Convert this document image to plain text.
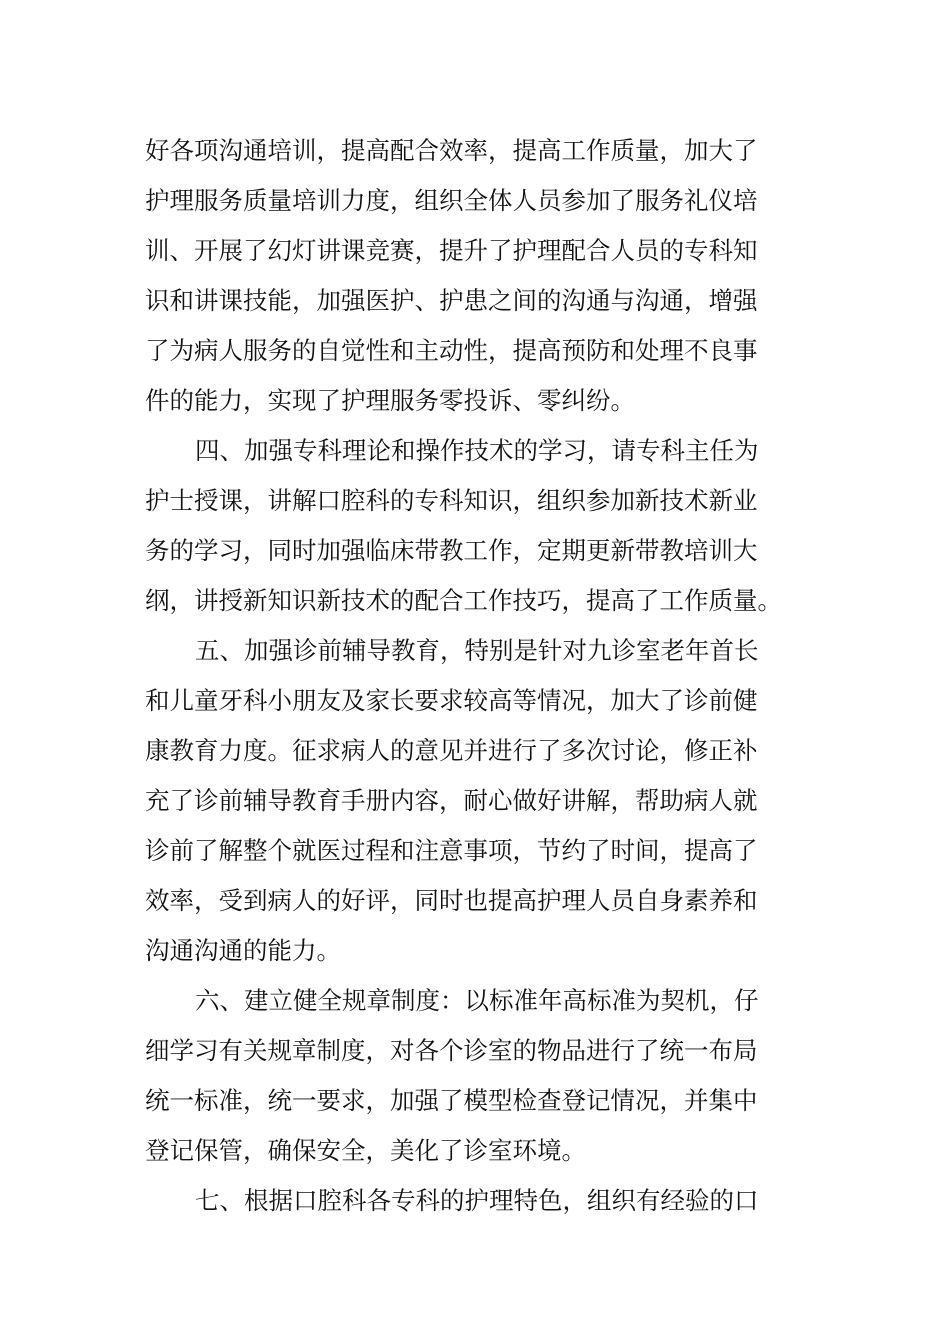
好各项沟通培训，提高配合效率，提高工作质量，加大了
护理服务质量培训力度，组织全体人员参加了服务礼仪培
训、开展了幻灯讲课竞赛，提升了护理配合人员的专科知
识和讲课技能，加强医护、护患之间的沟通与沟通，增强
了为病人服务的自觉性和主动性，提高预防和处理不良事
件的能力，实现了护理服务零投诉、零纠纷。
四、加强专科理论和操作技术的学习，请专科主任为
护士授课，讲解口腔科的专科知识，组织参加新技术新业
务的学习，同时加强临床带教工作，定期更新带教培训大
纲，讲授新知识新技术的配合工作技巧，提高了工作质量。
五、加强诊前辅导教育，特别是针对九诊室老年首长
和儿童牙科小朋友及家长要求较高等情况，加大了诊前健
康教育力度。征求病人的意见并进行了多次讨论，修正补
充了诊前辅导教育手册内容，耐心做好讲解，帮助病人就
诊前了解整个就医过程和注意事项，节约了时间，提高了
效率，受到病人的好评，同时也提高护理人员自身素养和
沟通沟通的能力。
六、建立健全规章制度：以标准年高标准为契机，仔
细学习有关规章制度，对各个诊室的物品进行了统一布局
统一标准，统一要求，加强了模型检查登记情况，并集中
登记保管，确保安全，美化了诊室环境。
七、根据口腔科各专科的护理特色，组织有经验的口
